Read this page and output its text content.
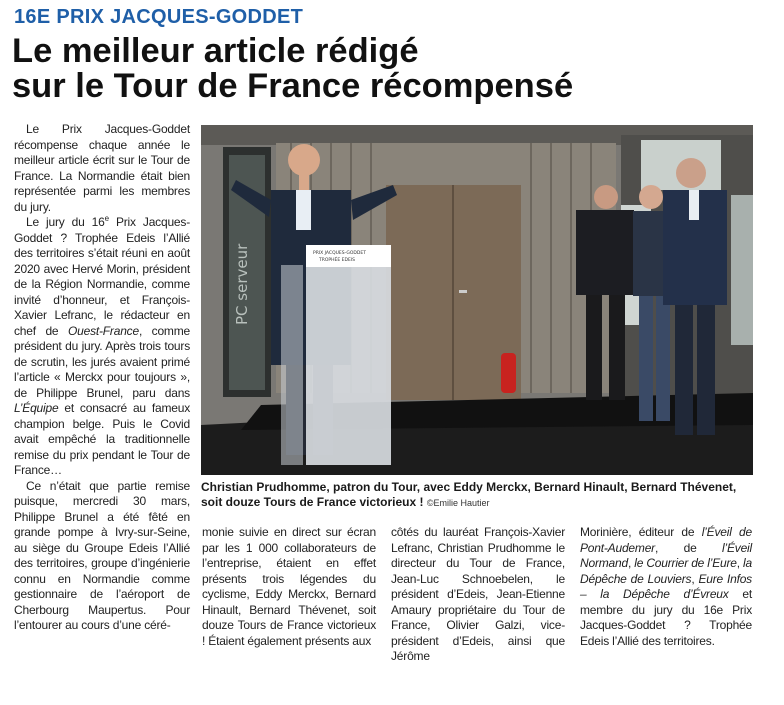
16E PRIX JACQUES-GODDET
Le meilleur article rédigé
sur le Tour de France récompensé

Le Prix Jacques-Goddet récompense chaque année le meilleur article écrit sur le Tour de France. La Normandie était bien représentée parmi les membres du jury.

Le jury du 16e Prix Jacques-Goddet ? Trophée Edeis l’Allié des territoires s’était réuni en août 2020 avec Hervé Morin, président de la Région Normandie, comme invité d’honneur, et François-Xavier Lefranc, le rédacteur en chef de Ouest-France, comme président du jury. Après trois tours de scrutin, les jurés avaient primé l’article « Merckx pour toujours », de Philippe Brunel, paru dans L’Équipe et consacré au fameux champion belge. Puis le Covid avait empêché la traditionnelle remise du prix pendant le Tour de France…

Ce n’était que partie remise puisque, mercredi 30 mars, Philippe Brunel a été fêté en grande pompe à Ivry-sur-Seine, au siège du Groupe Edeis l’Allié des territoires, groupe d’ingénierie connu en Normandie comme gestionnaire de l’aéroport de Cherbourg Maupertus. Pour l’entourer au cours d’une céré-

PC serveur	PRIX JACQUES-GODDET
TROPHÉE EDEIS
Christian Prudhomme, patron du Tour, avec Eddy Merckx, Bernard Hinault, Bernard Thévenet, soit douze Tours de France victorieux ! ©Emilie Hautier

monie suivie en direct sur écran par les 1 000 collaborateurs de l’entreprise, étaient en effet présents trois légendes du cyclisme, Eddy Merckx, Bernard Hinault, Bernard Thévenet, soit douze Tours de France victorieux ! Étaient également présents aux

côtés du lauréat François-Xavier Lefranc, Christian Prudhomme le directeur du Tour de France, Jean-Luc Schnoebelen, le président d’Edeis, Jean-Etienne Amaury propriétaire du Tour de France, Olivier Galzi, vice-président d’Edeis, ainsi que Jérôme

Morinière, éditeur de l’Éveil de Pont-Audemer, de l’Éveil Normand, le Courrier de l’Eure, la Dépêche de Louviers, Eure Infos – la Dépêche d’Évreux et membre du jury du 16e Prix Jacques-Goddet ? Trophée Edeis l’Allié des territoires.
